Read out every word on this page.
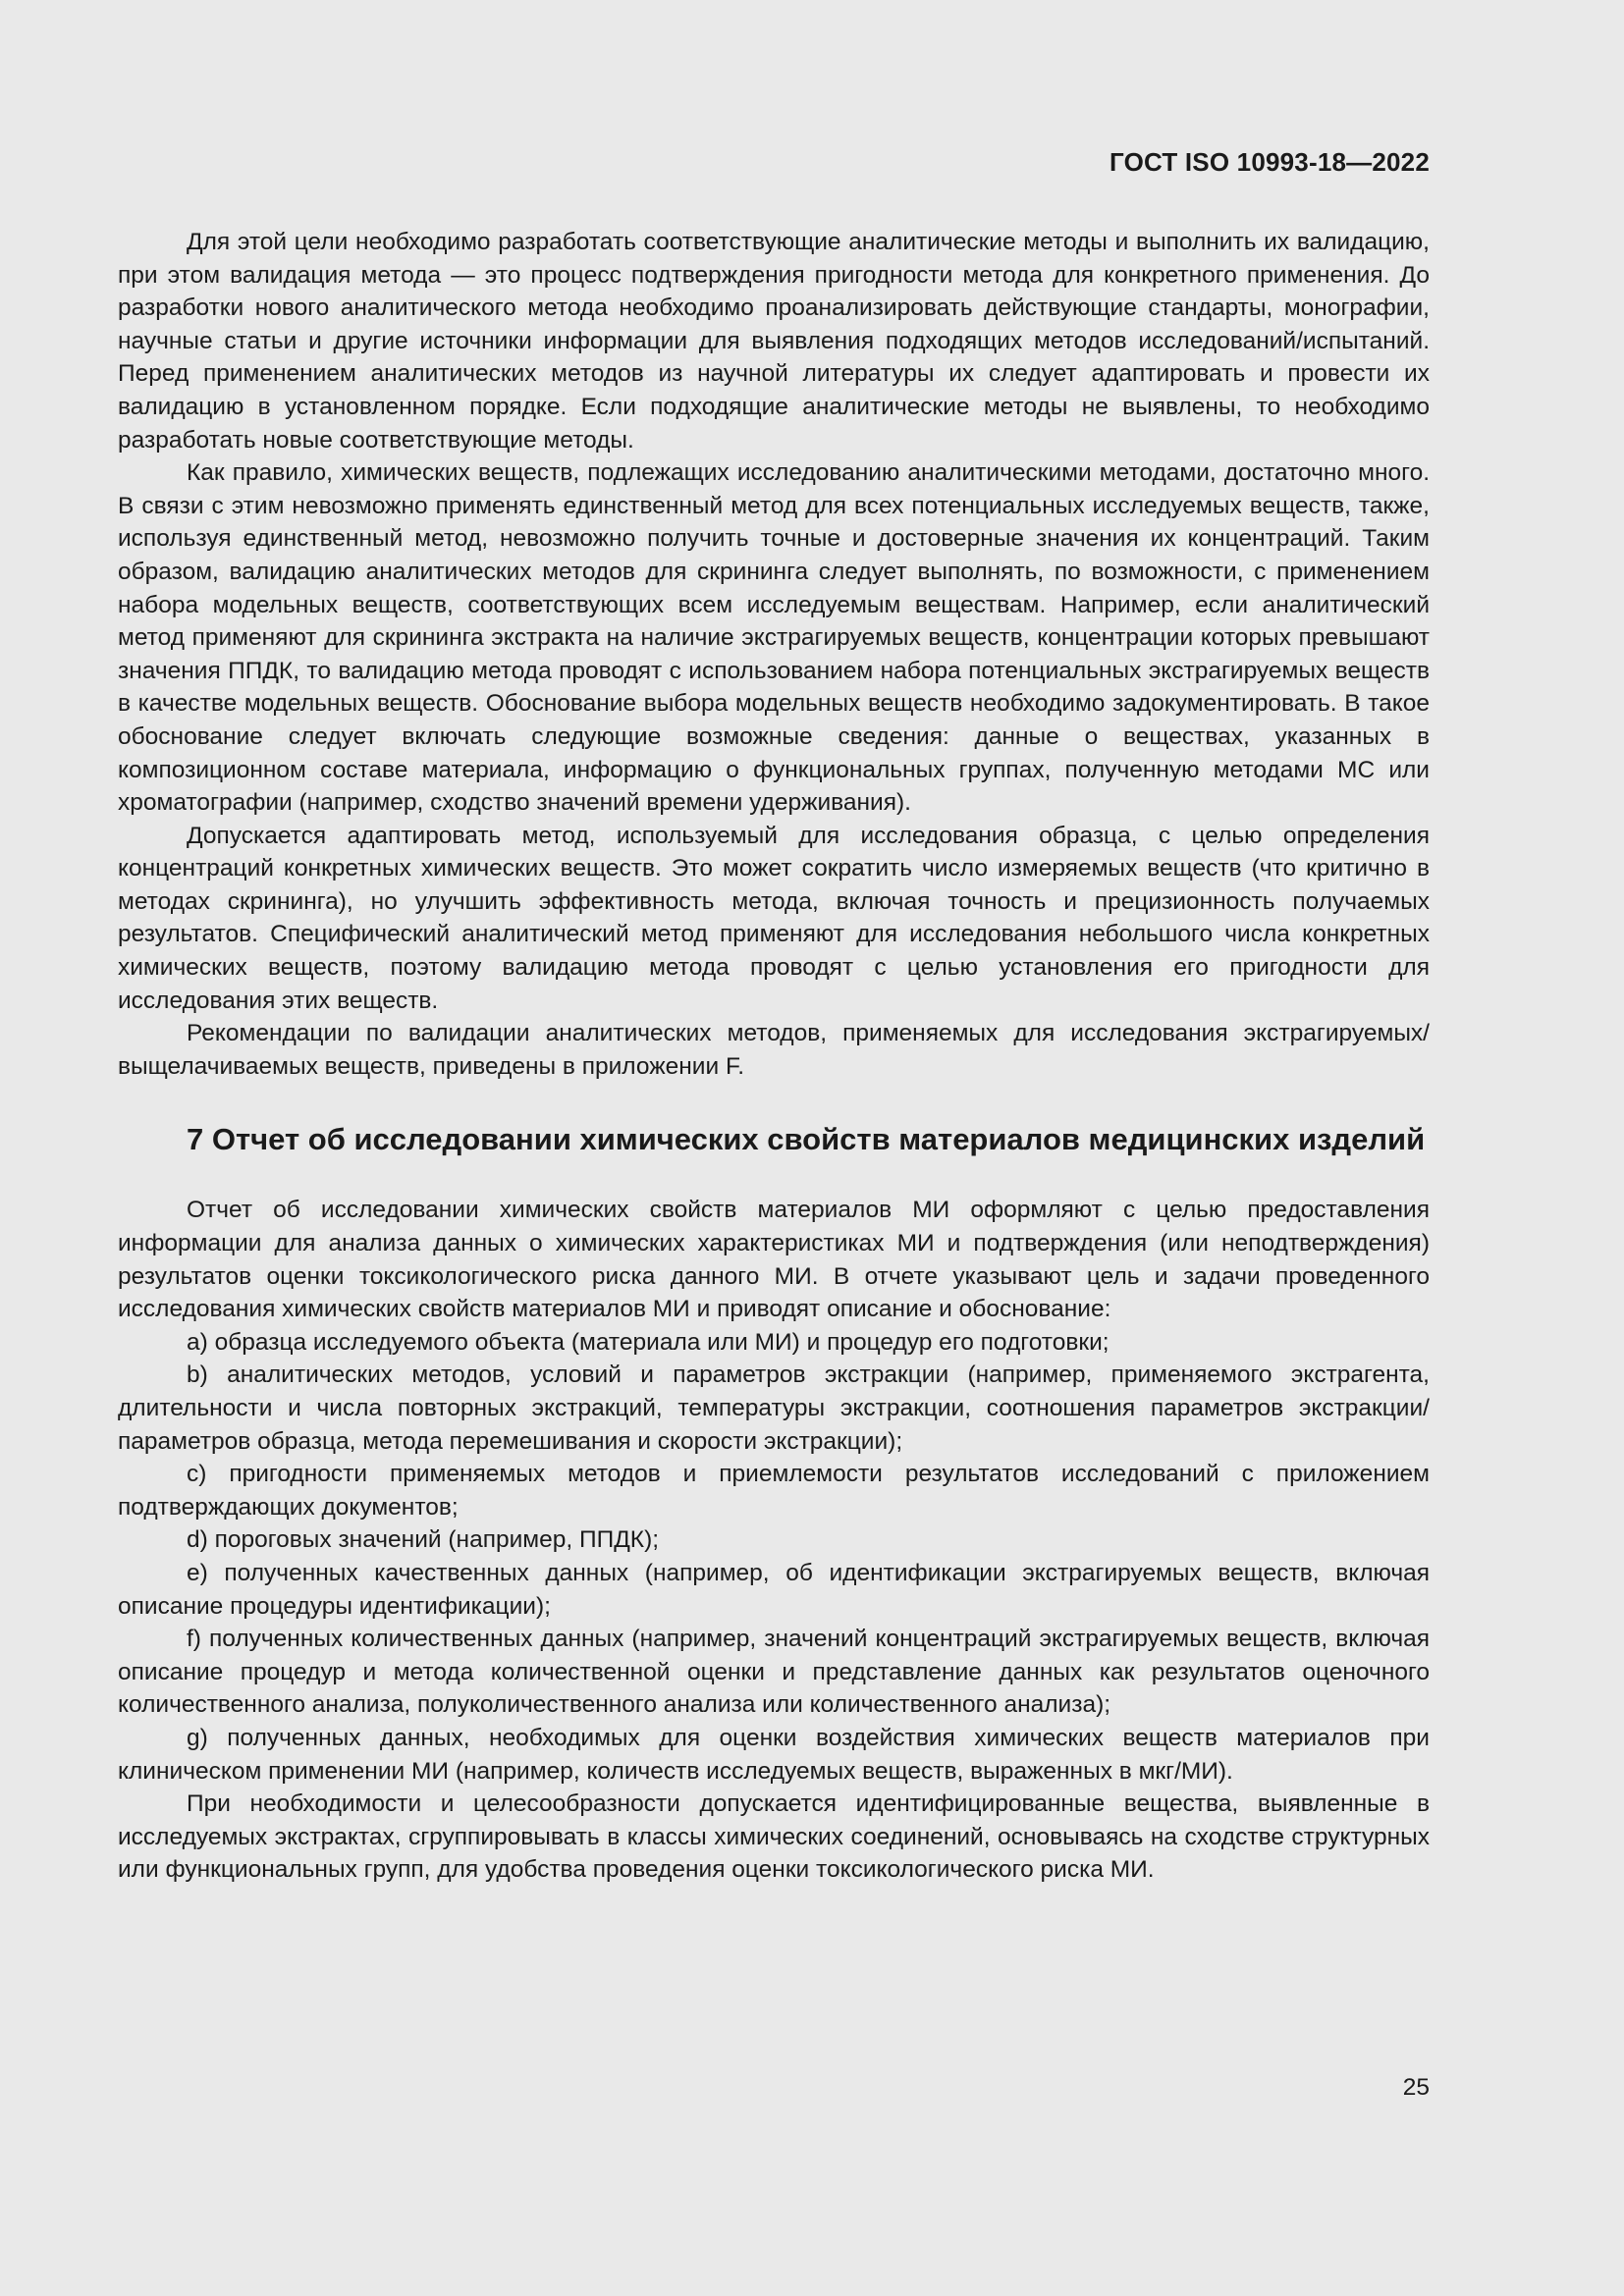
ГОСТ ISO 10993-18—2022

Для этой цели необходимо разработать соответствующие аналитические методы и выполнить их валидацию, при этом валидация метода — это процесс подтверждения пригодности метода для конкретного применения. До разработки нового аналитического метода необходимо проанализировать действующие стандарты, монографии, научные статьи и другие источники информации для выявления подходящих методов исследований/испытаний. Перед применением аналитических методов из научной литературы их следует адаптировать и провести их валидацию в установленном порядке. Если подходящие аналитические методы не выявлены, то необходимо разработать новые соответствующие методы.

Как правило, химических веществ, подлежащих исследованию аналитическими методами, достаточно много. В связи с этим невозможно применять единственный метод для всех потенциальных исследуемых веществ, также, используя единственный метод, невозможно получить точные и достоверные значения их концентраций. Таким образом, валидацию аналитических методов для скрининга следует выполнять, по возможности, с применением набора модельных веществ, соответствующих всем исследуемым веществам. Например, если аналитический метод применяют для скрининга экстракта на наличие экстрагируемых веществ, концентрации которых превышают значения ППДК, то валидацию метода проводят с использованием набора потенциальных экстрагируемых веществ в качестве модельных веществ. Обоснование выбора модельных веществ необходимо задокументировать. В такое обоснование следует включать следующие возможные сведения: данные о веществах, указанных в композиционном составе материала, информацию о функциональных группах, полученную методами МС или хроматографии (например, сходство значений времени удерживания).

Допускается адаптировать метод, используемый для исследования образца, с целью определения концентраций конкретных химических веществ. Это может сократить число измеряемых веществ (что критично в методах скрининга), но улучшить эффективность метода, включая точность и прецизионность получаемых результатов. Специфический аналитический метод применяют для исследования небольшого числа конкретных химических веществ, поэтому валидацию метода проводят с целью установления его пригодности для исследования этих веществ.

Рекомендации по валидации аналитических методов, применяемых для исследования экстрагируемых/выщелачиваемых веществ, приведены в приложении F.

7 Отчет об исследовании химических свойств материалов медицинских изделий

Отчет об исследовании химических свойств материалов МИ оформляют с целью предоставления информации для анализа данных о химических характеристиках МИ и подтверждения (или неподтверждения) результатов оценки токсикологического риска данного МИ. В отчете указывают цель и задачи проведенного исследования химических свойств материалов МИ и приводят описание и обоснование:

a) образца исследуемого объекта (материала или МИ) и процедур его подготовки;

b) аналитических методов, условий и параметров экстракции (например, применяемого экстрагента, длительности и числа повторных экстракций, температуры экстракции, соотношения параметров экстракции/параметров образца, метода перемешивания и скорости экстракции);

c) пригодности применяемых методов и приемлемости результатов исследований с приложением подтверждающих документов;

d) пороговых значений (например, ППДК);

e) полученных качественных данных (например, об идентификации экстрагируемых веществ, включая описание процедуры идентификации);

f) полученных количественных данных (например, значений концентраций экстрагируемых веществ, включая описание процедур и метода количественной оценки и представление данных как результатов оценочного количественного анализа, полуколичественного анализа или количественного анализа);

g) полученных данных, необходимых для оценки воздействия химических веществ материалов при клиническом применении МИ (например, количеств исследуемых веществ, выраженных в мкг/МИ).

При необходимости и целесообразности допускается идентифицированные вещества, выявленные в исследуемых экстрактах, сгруппировывать в классы химических соединений, основываясь на сходстве структурных или функциональных групп, для удобства проведения оценки токсикологического риска МИ.

25
